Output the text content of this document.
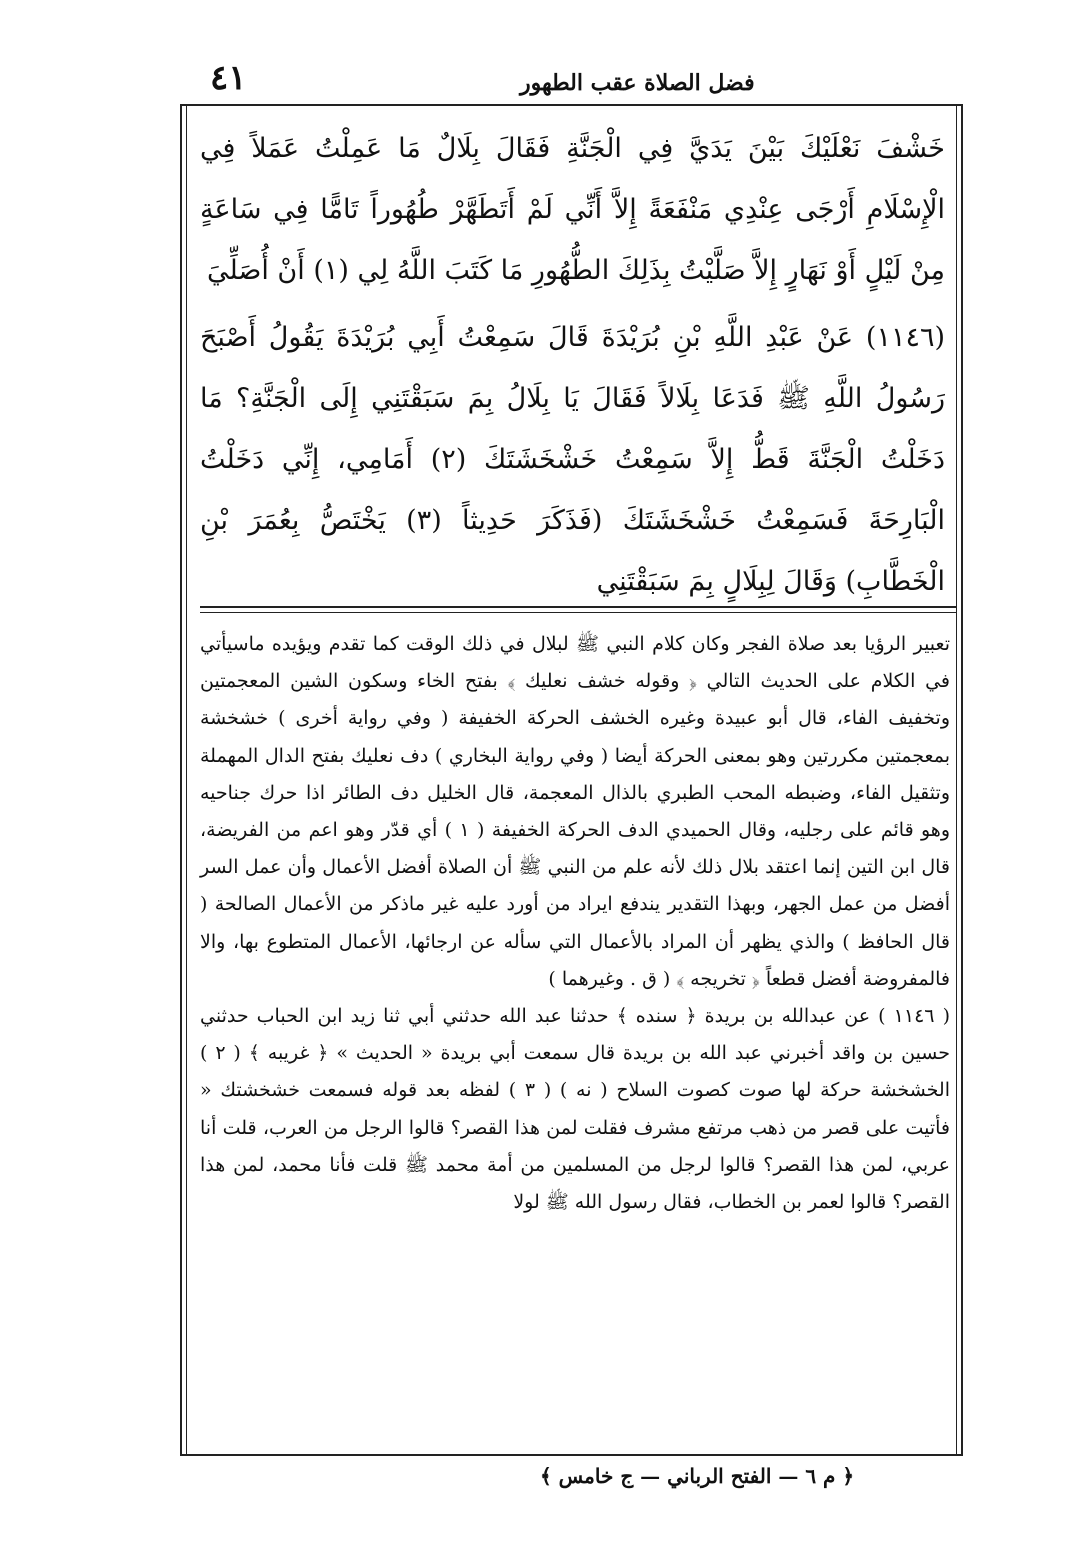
٤١	فضل الصلاة عقب الطهور

خَشْفَ نَعْلَيْكَ بَيْنَ يَدَيَّ فِي الْجَنَّةِ فَقَالَ بِلَالٌ مَا عَمِلْتُ عَمَلاً فِي الْإِسْلَامِ أَرْجَى عِنْدِي مَنْفَعَةً إِلاَّ أَنِّي لَمْ أَتَطَهَّرْ طُهُوراً تَامًّا فِي سَاعَةٍ مِنْ لَيْلٍ أَوْ نَهَارٍ إِلاَّ صَلَّيْتُ بِذَلِكَ الطُّهُورِ مَا كَتَبَ اللَّهُ لِي (١) أَنْ أُصَلِّيَ

(١١٤٦) عَنْ عَبْدِ اللَّهِ بْنِ بُرَيْدَةَ قَالَ سَمِعْتُ أَبِي بُرَيْدَةَ يَقُولُ أَصْبَحَ رَسُولُ اللَّهِ ﷺ فَدَعَا بِلَالاً فَقَالَ يَا بِلَالُ بِمَ سَبَقْتَنِي إِلَى الْجَنَّةِ؟ مَا دَخَلْتُ الْجَنَّةَ قَطُّ إِلاَّ سَمِعْتُ خَشْخَشَتَكَ (٢) أَمَامِي، إِنِّي دَخَلْتُ الْبَارِحَةَ فَسَمِعْتُ خَشْخَشَتَكَ (فَذَكَرَ حَدِيثاً (٣) يَخْتَصُّ بِعُمَرَ بْنِ الْخَطَّابِ) وَقَالَ لِبِلَالٍ بِمَ سَبَقْتَنِي

تعبير الرؤيا بعد صلاة الفجر وكان كلام النبي ﷺ لبلال في ذلك الوقت كما تقدم ويؤيده ماسيأتي في الكلام على الحديث التالي ﴿ وقوله خشف نعليك ﴾ بفتح الخاء وسكون الشين المعجمتين وتخفيف الفاء، قال أبو عبيدة وغيره الخشف الحركة الخفيفة ( وفي رواية أخرى ) خشخشة بمعجمتين مكررتين وهو بمعنى الحركة أيضا ( وفي رواية البخاري ) دف نعليك بفتح الدال المهملة وتثقيل الفاء، وضبطه المحب الطبري بالذال المعجمة، قال الخليل دف الطائر اذا حرك جناحيه وهو قائم على رجليه، وقال الحميدي الدف الحركة الخفيفة ( ١ ) أي قدّر وهو اعم من الفريضة، قال ابن التين إنما اعتقد بلال ذلك لأنه علم من النبي ﷺ أن الصلاة أفضل الأعمال وأن عمل السر أفضل من عمل الجهر، وبهذا التقدير يندفع ايراد من أورد عليه غير ماذكر من الأعمال الصالحة ( قال الحافظ ) والذي يظهر أن المراد بالأعمال التي سأله عن ارجائها، الأعمال المتطوع بها، والا فالمفروضة أفضل قطعاً ﴿ تخريجه ﴾ ( ق . وغيرهما )

( ١١٤٦ ) عن عبدالله بن بريدة ﴿ سنده ﴾ حدثنا عبد الله حدثني أبي ثنا زيد ابن الحباب حدثني حسين بن واقد أخبرني عبد الله بن بريدة قال سمعت أبي بريدة « الحديث » ﴿ غريبه ﴾ ( ٢ ) الخشخشة حركة لها صوت كصوت السلاح ( نه ) ( ٣ ) لفظه بعد قوله فسمعت خشخشتك « فأتيت على قصر من ذهب مرتفع مشرف فقلت لمن هذا القصر؟ قالوا الرجل من العرب، قلت أنا عربي، لمن هذا القصر؟ قالوا لرجل من المسلمين من أمة محمد ﷺ قلت فأنا محمد، لمن هذا القصر؟ قالوا لعمر بن الخطاب، فقال رسول الله ﷺ لولا

﴿ م ٦ — الفتح الرباني — ج خامس ﴾
